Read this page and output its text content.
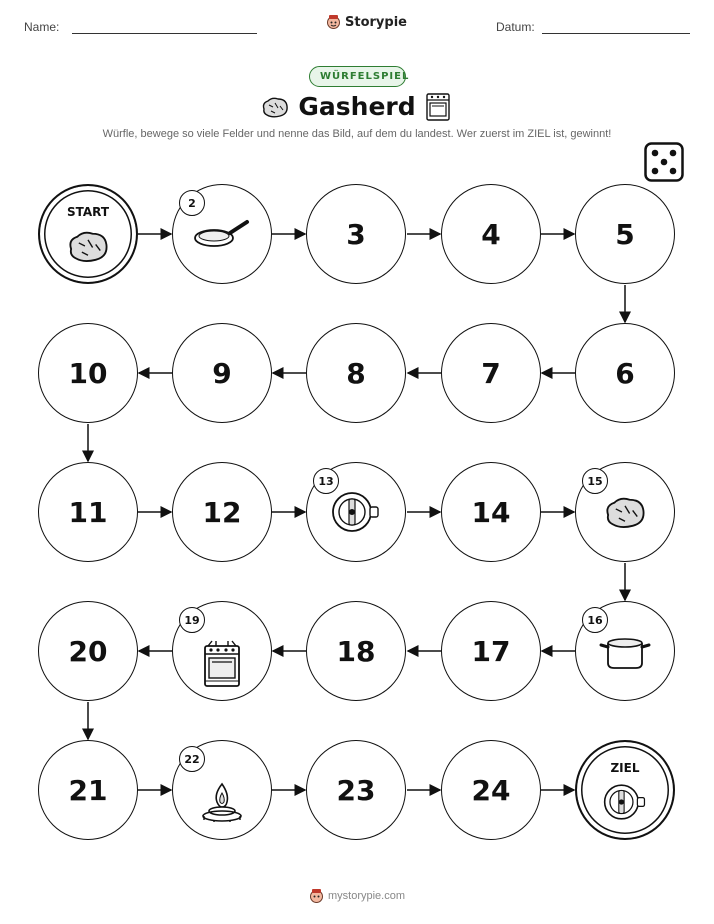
Name:	Storypie	Datum:
WÜRFELSPIEL
Gasherd
Würfle, bewege so viele Felder und nenne das Bild, auf dem du landest. Wer zuerst im ZIEL ist, gewinnt!
START
2
3	4	5
6
7
8
9
10
11	12
13
14
15
16
17
18
19
20
21
22
23	24
ZIEL
mystorypie.com
